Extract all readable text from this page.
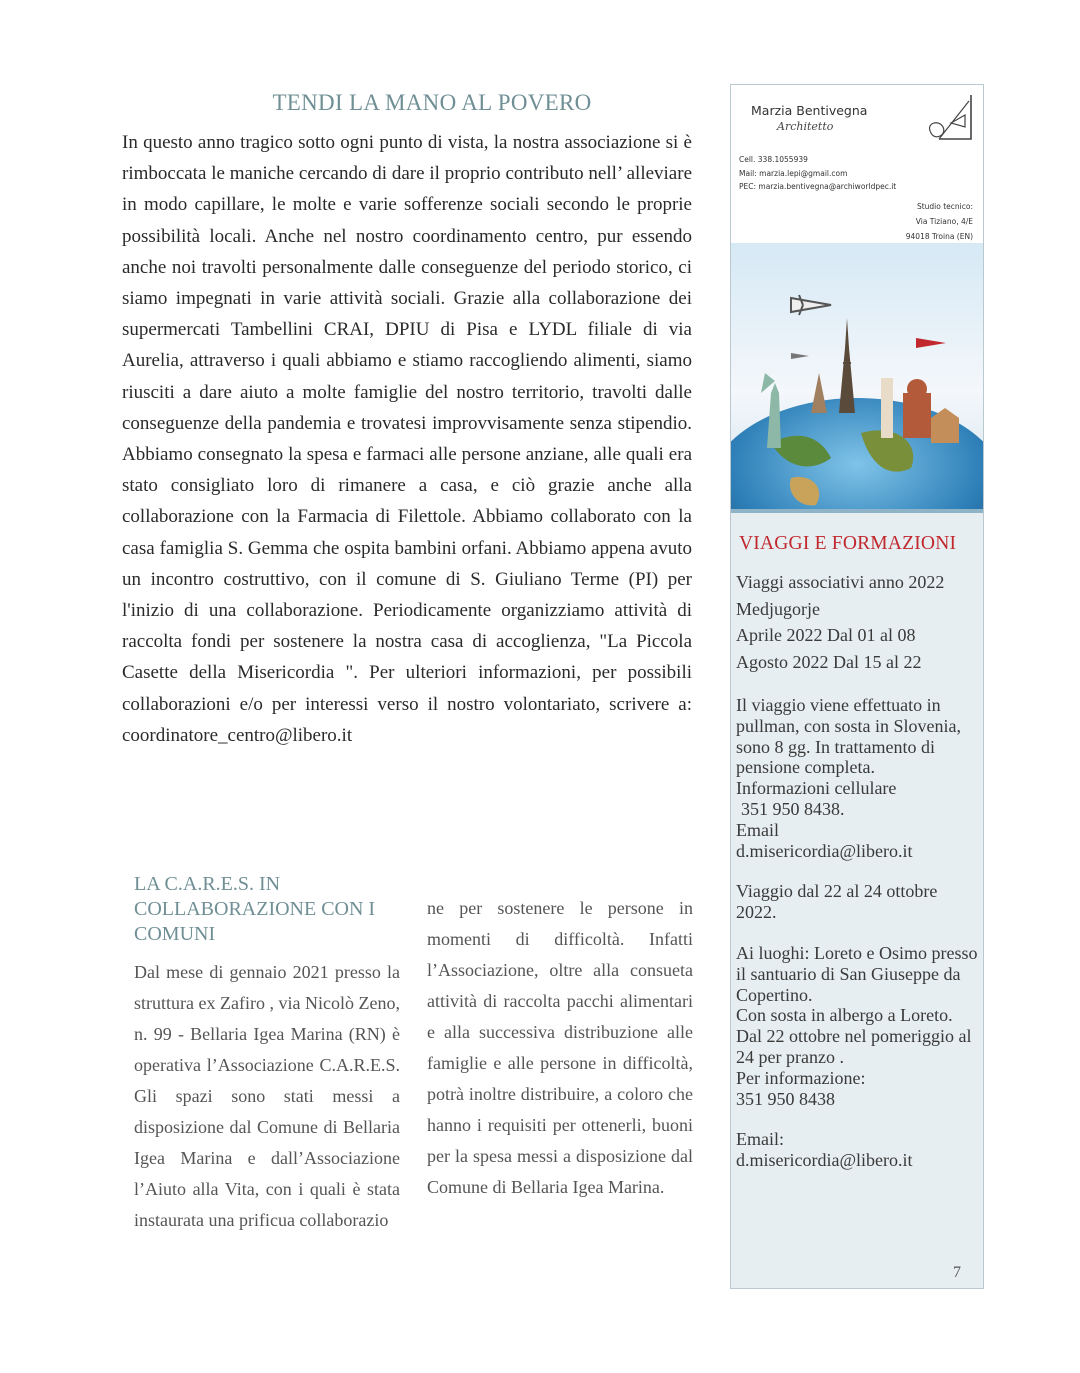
TENDI LA MANO AL POVERO

In questo anno tragico sotto ogni punto di vista, la nostra associazione si è rimboccata le maniche cercando di dare il proprio contributo nell’ alleviare in modo capillare, le molte e varie sofferenze sociali secondo le proprie possibilità locali. Anche nel nostro coordinamento centro, pur essendo anche noi travolti personalmente dalle conseguenze del periodo storico, ci siamo impegnati in varie attività sociali. Grazie alla collaborazione dei supermercati Tambellini CRAI, DPIU di Pisa e LYDL filiale di via Aurelia, attraverso i quali abbiamo e stiamo raccogliendo alimenti, siamo riusciti a dare aiuto a molte famiglie del nostro territorio, travolti dalle conseguenze della pandemia e trovatesi improvvisamente senza stipendio. Abbiamo consegnato la spesa e farmaci alle persone anziane, alle quali era stato consigliato loro di rimanere a casa, e ciò grazie anche alla collaborazione con la Farmacia di Filettole. Abbiamo collaborato con la casa famiglia S. Gemma che ospita bambini orfani. Abbiamo appena avuto un incontro costruttivo, con il comune di S. Giuliano Terme (PI) per l'inizio di una collaborazione. Periodicamente organizziamo attività di raccolta fondi per sostenere la nostra casa di accoglienza, "La Piccola Casette della Misericordia ". Per ulteriori informazioni, per possibili collaborazioni e/o per interessi verso il nostro volontariato, scrivere a: coordinatore_centro@libero.it

LA C.A.R.E.S. IN COLLABORAZIONE CON I COMUNI

Dal mese di gennaio 2021 presso la struttura ex Zafiro , via Nicolò Zeno, n. 99 - Bellaria Igea Marina (RN) è operativa l’Associazione C.A.R.E.S. Gli spazi sono stati messi a disposizione dal Comune di Bellaria Igea Marina e dall’Associazione l’Aiuto alla Vita, con i quali è stata instaurata una prificua collaborazio

ne per sostenere le persone in momenti di difficoltà. Infatti l’Associazione, oltre alla consueta attività di raccolta pacchi alimentari e alla successiva distribuzione alle famiglie e alle persone in difficoltà, potrà inoltre distribuire, a coloro che hanno i requisiti per ottenerli, buoni per la spesa messi a disposizione dal Comune di Bellaria Igea Marina.

Marzia Bentivegna
Architetto
Cell. 338.1055939
Mail: marzia.lepi@gmail.com
PEC: marzia.bentivegna@archiworldpec.it
Studio tecnico:
Via Tiziano, 4/E
94018 Troina (EN)
VIAGGI E FORMAZIONI

Viaggi associativi anno 2022

Medjugorje

Aprile 2022 Dal 01 al 08

Agosto 2022 Dal 15 al 22

Il viaggio viene effettuato in pullman, con sosta in Slovenia, sono 8 gg. In trattamento di pensione completa.

Informazioni cellulare

351 950 8438.

Email

d.misericordia@libero.it

Viaggio dal 22 al 24 ottobre 2022.

Ai luoghi: Loreto e Osimo presso il santuario di San Giuseppe da Copertino.

Con sosta in albergo a Loreto.

Dal 22 ottobre nel pomeriggio al 24 per pranzo .

Per informazione:

351 950 8438

Email:

d.misericordia@libero.it

7
